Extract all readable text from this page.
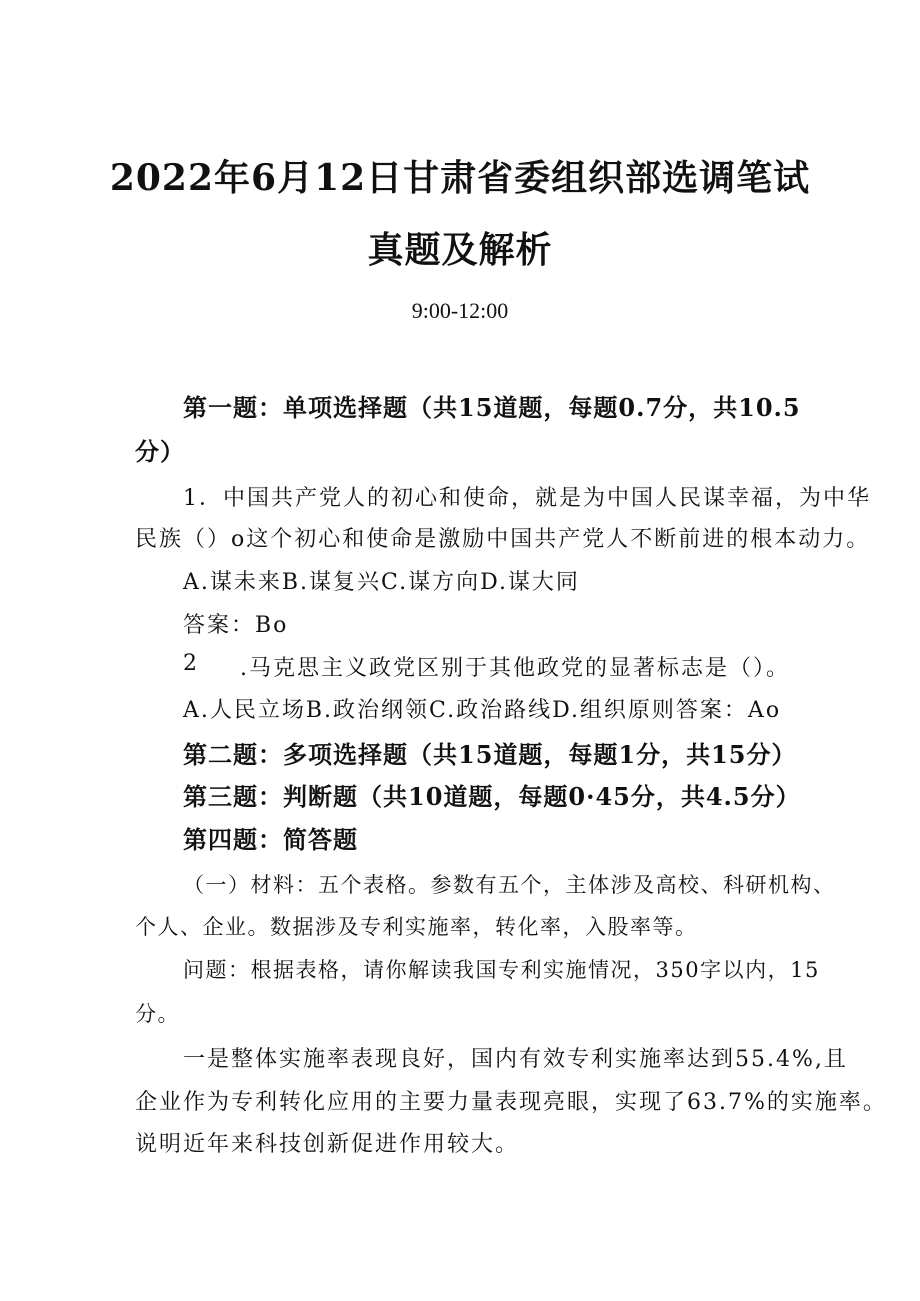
2022年6月12日甘肃省委组织部选调笔试
真题及解析
9:00-12:00
第一题：单项选择题（共15道题，每题0.7分，共10.5
分）
1．中国共产党人的初心和使命，就是为中国人民谋幸福，为中华
民族（）o这个初心和使命是激励中国共产党人不断前进的根本动力。
A.谋未来B.谋复兴C.谋方向D.谋大同
答案：Bo
2 .马克思主义政党区别于其他政党的显著标志是（）。
A.人民立场B.政治纲领C.政治路线D.组织原则答案：Ao
第二题：多项选择题（共15道题，每题1分，共15分）
第三题：判断题（共10道题，每题0·45分，共4.5分）
第四题：简答题
（一）材料：五个表格。参数有五个，主体涉及高校、科研机构、
个人、企业。数据涉及专利实施率，转化率，入股率等。
问题：根据表格，请你解读我国专利实施情况，350字以内，15
分。
一是整体实施率表现良好，国内有效专利实施率达到55.4%,且
企业作为专利转化应用的主要力量表现亮眼，实现了63.7%的实施率。
说明近年来科技创新促进作用较大。
